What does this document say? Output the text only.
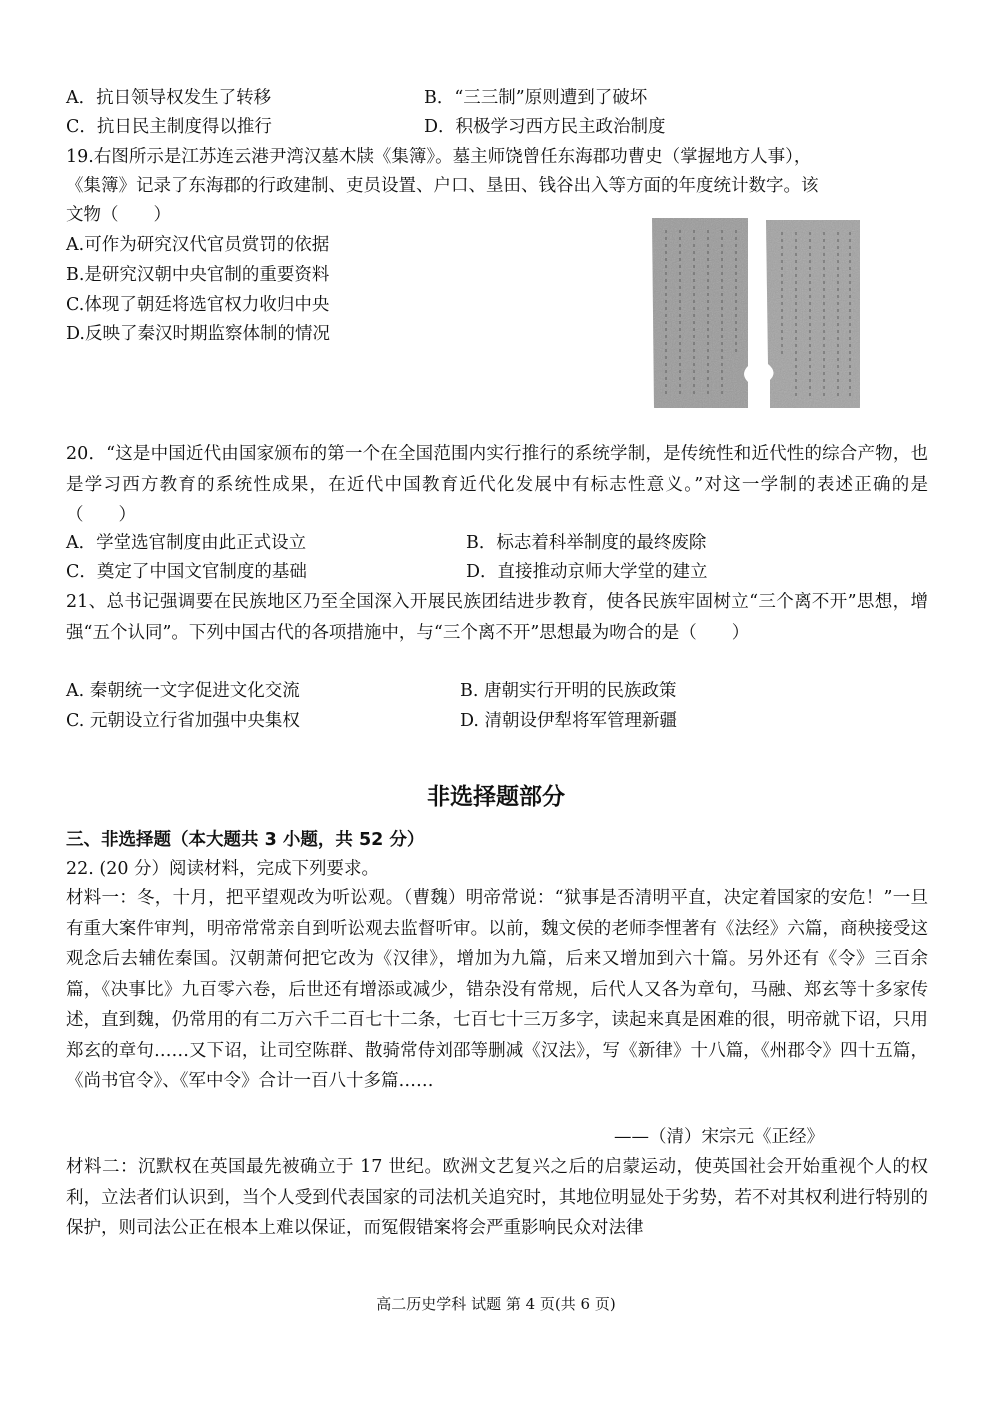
A．抗日领导权发生了转移	B．“三三制”原则遭到了破坏
C．抗日民主制度得以推行	D．积极学习西方民主政治制度
19.右图所示是江苏连云港尹湾汉墓木牍《集簿》。墓主师饶曾任东海郡功曹史（掌握地方人事），
《集簿》记录了东海郡的行政建制、吏员设置、户口、垦田、钱谷出入等方面的年度统计数字。该
文物（　　）
A.可作为研究汉代官员赏罚的依据
B.是研究汉朝中央官制的重要资料
C.体现了朝廷将选官权力收归中央
D.反映了秦汉时期监察体制的情况
20．“这是中国近代由国家颁布的第一个在全国范围内实行推行的系统学制，是传统性和近代性的综合产物，也是学习西方教育的系统性成果，在近代中国教育近代化发展中有标志性意义。”对这一学制的表述正确的是（　　）
A．学堂选官制度由此正式设立	B．标志着科举制度的最终废除
C．奠定了中国文官制度的基础	D．直接推动京师大学堂的建立
21、总书记强调要在民族地区乃至全国深入开展民族团结进步教育，使各民族牢固树立“三个离不开”思想，增强“五个认同”。下列中国古代的各项措施中，与“三个离不开”思想最为吻合的是（　　）
A. 秦朝统一文字促进文化交流	B. 唐朝实行开明的民族政策
C. 元朝设立行省加强中央集权	D. 清朝设伊犁将军管理新疆
非选择题部分
三、非选择题（本大题共 3 小题，共 52 分）
22. (20 分）阅读材料，完成下列要求。
材料一：冬，十月，把平望观改为听讼观。（曹魏）明帝常说：“狱事是否清明平直，决定着国家的安危！”一旦有重大案件审判，明帝常常亲自到听讼观去监督听审。以前，魏文侯的老师李悝著有《法经》六篇，商秧接受这观念后去辅佐秦国。汉朝萧何把它改为《汉律》，增加为九篇，后来又增加到六十篇。另外还有《令》三百余篇，《决事比》九百零六卷，后世还有增添或减少，错杂没有常规，后代人又各为章句，马融、郑玄等十多家传述，直到魏，仍常用的有二万六千二百七十二条，七百七十三万多字，读起来真是困难的很，明帝就下诏，只用郑玄的章句……又下诏，让司空陈群、散骑常侍刘邵等删减《汉法》，写《新律》十八篇，《州郡令》四十五篇，《尚书官令》、《军中令》合计一百八十多篇……
——（清）宋宗元《正经》
材料二：沉默权在英国最先被确立于 17 世纪。欧洲文艺复兴之后的启蒙运动，使英国社会开始重视个人的权利，立法者们认识到，当个人受到代表国家的司法机关追究时，其地位明显处于劣势，若不对其权利进行特别的保护，则司法公正在根本上难以保证，而冤假错案将会严重影响民众对法律
高二历史学科 试题 第 4 页(共 6 页)
